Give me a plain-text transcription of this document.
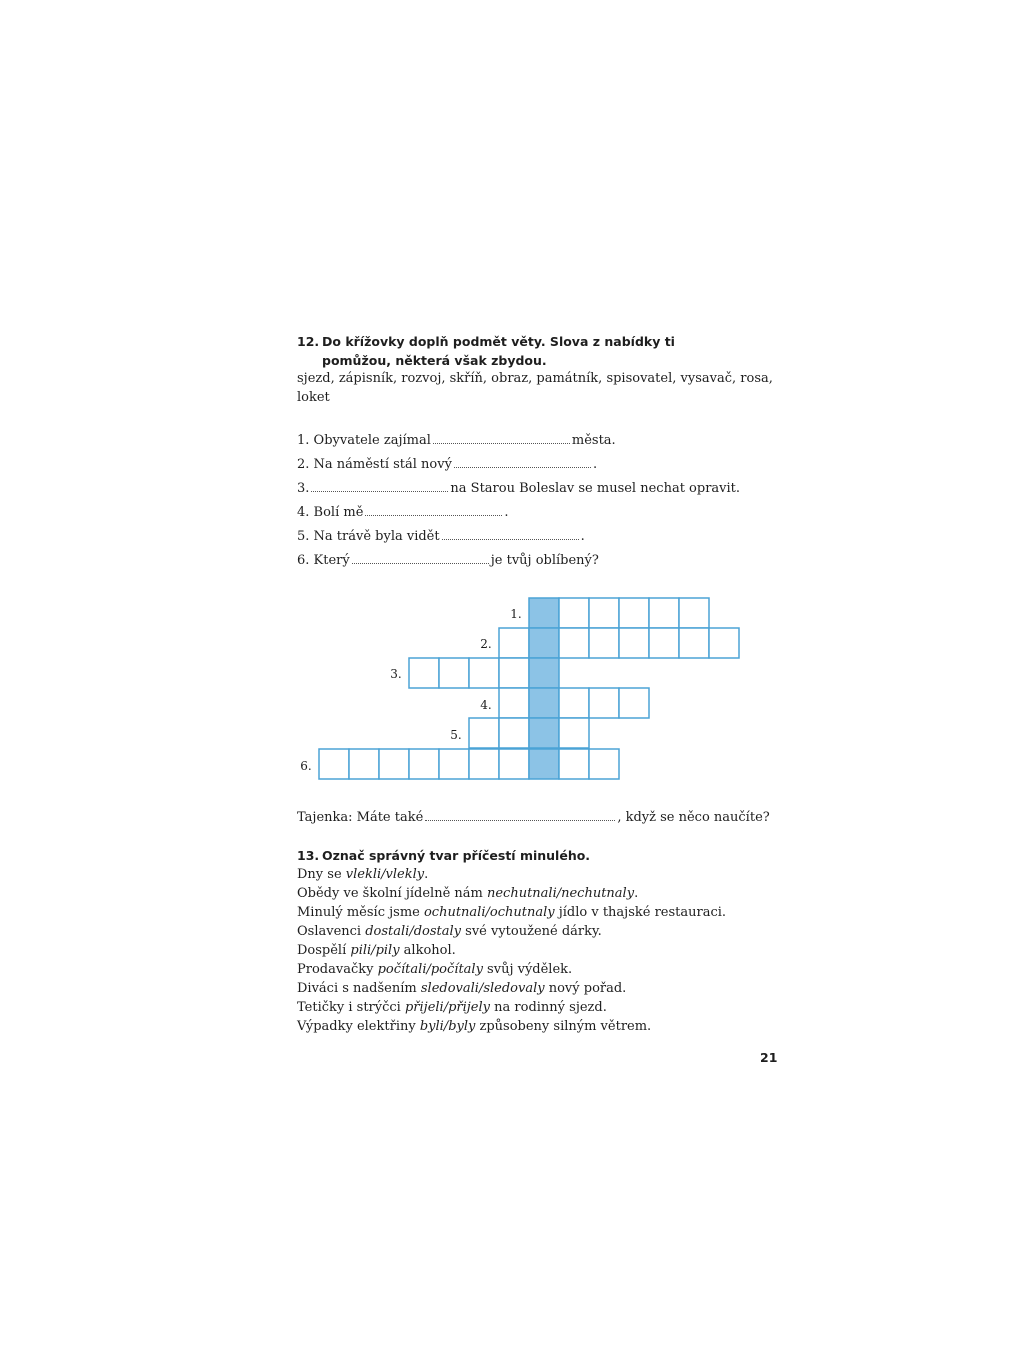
12. Do křížovky doplň podmět věty. Slova z nabídky ti pomůžou, některá však zbydou.
sjezd, zápisník, rozvoj, skříň, obraz, památník, spisovatel, vysavač, rosa,
loket
1. Obyvatele zajímal	města.
2. Na náměstí stál nový	.
3.	na Starou Boleslav se musel nechat opravit.
4. Bolí mě	.
5. Na trávě byla vidět	.
6. Který	je tvůj oblíbený?
1.
2.
3.
4.
5.
6.
Tajenka: Máte také	, když se něco naučíte?
13. Označ správný tvar příčestí minulého.
Dny se vlekli/vlekly.
Obědy ve školní jídelně nám nechutnali/nechutnaly.
Minulý měsíc jsme ochutnali/ochutnaly jídlo v thajské restauraci.
Oslavenci dostali/dostaly své vytoužené dárky.
Dospělí pili/pily alkohol.
Prodavačky počítali/počítaly svůj výdělek.
Diváci s nadšením sledovali/sledovaly nový pořad.
Tetičky i strýčci přijeli/přijely na rodinný sjezd.
Výpadky elektřiny byli/byly způsobeny silným větrem.
21
